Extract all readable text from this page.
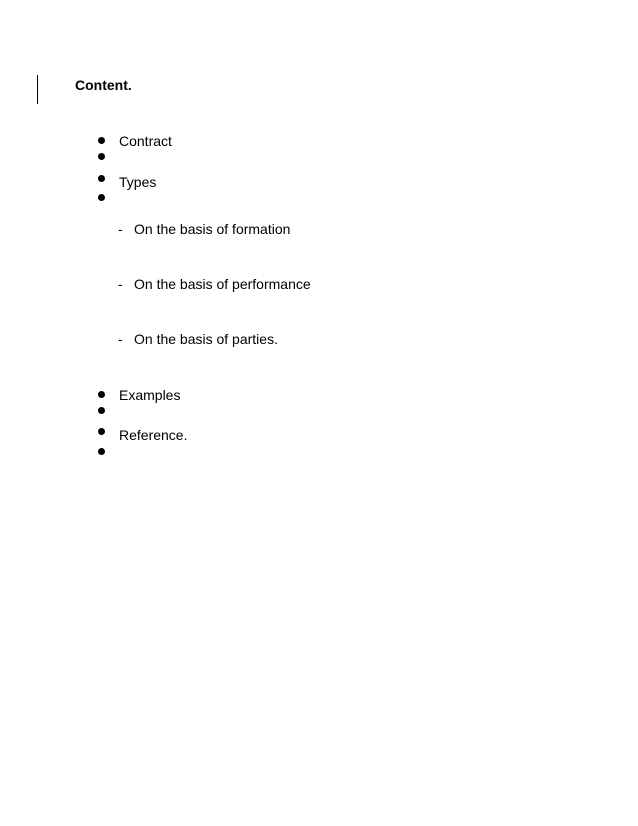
Content.
Contract
Types
- On the basis of formation
- On the basis of performance
- On the basis of parties.
Examples
Reference.
